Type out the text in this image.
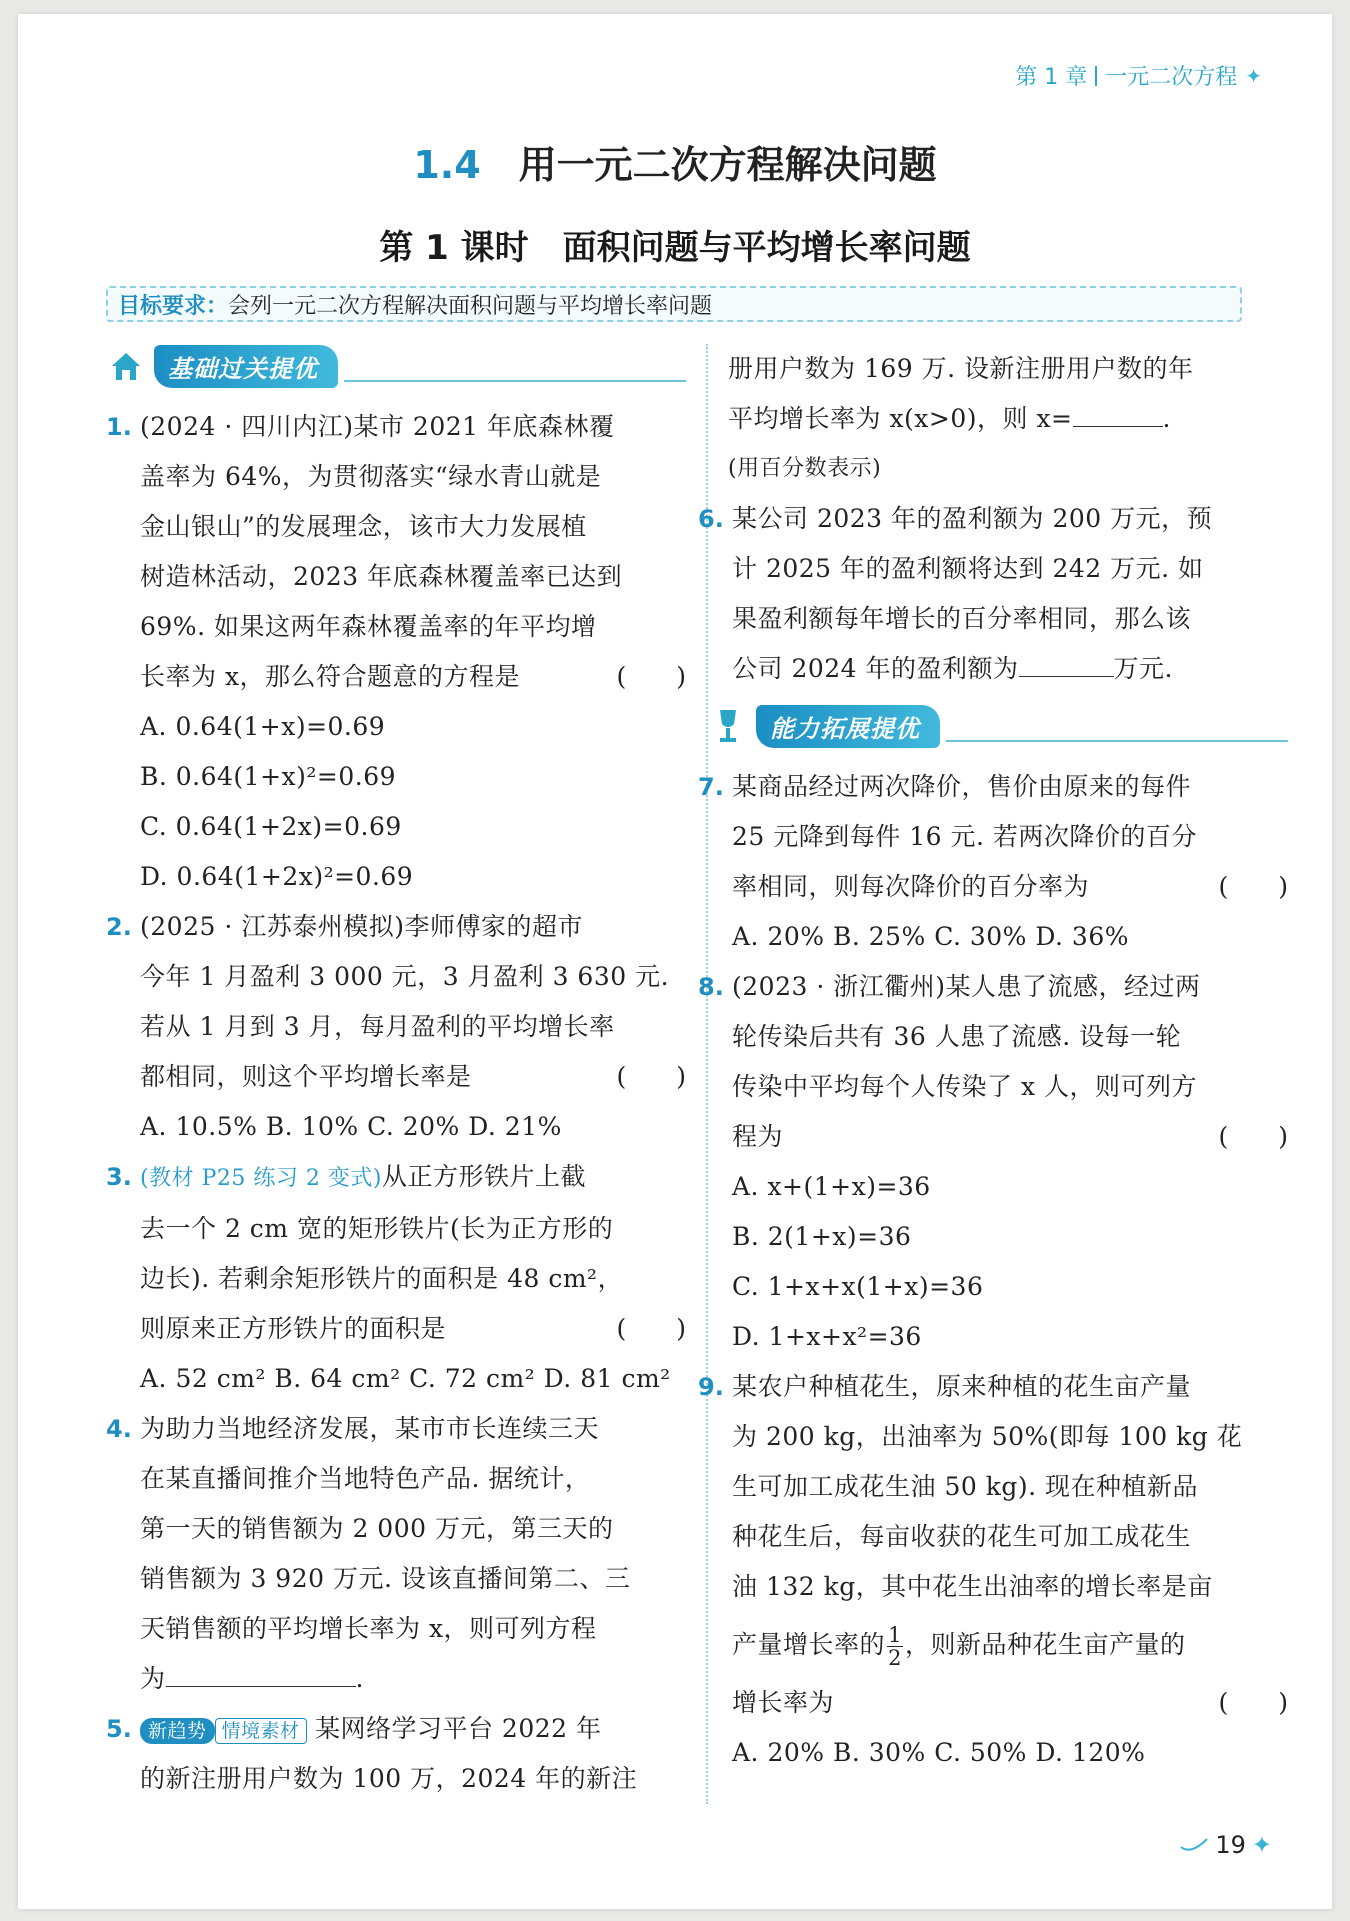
第 1 章 一元二次方程 ✦
1.4 用一元二次方程解决问题
第 1 课时　面积问题与平均增长率问题
目标要求： 会列一元二次方程解决面积问题与平均增长率问题
基础过关提优
1. (2024 · 四川内江)某市 2021 年底森林覆
盖率为 64%，为贯彻落实“绿水青山就是
金山银山”的发展理念，该市大力发展植
树造林活动，2023 年底森林覆盖率已达到
69%. 如果这两年森林覆盖率的年平均增
长率为 x，那么符合题意的方程是	(　　)
A. 0.64(1+x)=0.69
B. 0.64(1+x)²=0.69
C. 0.64(1+2x)=0.69
D. 0.64(1+2x)²=0.69
2. (2025 · 江苏泰州模拟)李师傅家的超市
今年 1 月盈利 3 000 元，3 月盈利 3 630 元.
若从 1 月到 3 月，每月盈利的平均增长率
都相同，则这个平均增长率是	(　　)
A. 10.5% B. 10% C. 20% D. 21%
3. (教材 P25 练习 2 变式)从正方形铁片上截
去一个 2 cm 宽的矩形铁片(长为正方形的
边长). 若剩余矩形铁片的面积是 48 cm²，
则原来正方形铁片的面积是	(　　)
A. 52 cm² B. 64 cm² C. 72 cm² D. 81 cm²
4. 为助力当地经济发展，某市市长连续三天
在某直播间推介当地特色产品. 据统计，
第一天的销售额为 2 000 万元，第三天的
销售额为 3 920 万元. 设该直播间第二、三
天销售额的平均增长率为 x，则可列方程
为	.
5. 新趋势 情境素材 某网络学习平台 2022 年
的新注册用户数为 100 万，2024 年的新注
册用户数为 169 万. 设新注册用户数的年
平均增长率为 x(x>0)，则 x=	.
(用百分数表示)
6. 某公司 2023 年的盈利额为 200 万元，预
计 2025 年的盈利额将达到 242 万元. 如
果盈利额每年增长的百分率相同，那么该
公司 2024 年的盈利额为	万元.
能力拓展提优
7. 某商品经过两次降价，售价由原来的每件
25 元降到每件 16 元. 若两次降价的百分
率相同，则每次降价的百分率为	(　　)
A. 20% B. 25% C. 30% D. 36%
8. (2023 · 浙江衢州)某人患了流感，经过两
轮传染后共有 36 人患了流感. 设每一轮
传染中平均每个人传染了 x 人，则可列方
程为	(　　)
A. x+(1+x)=36
B. 2(1+x)=36
C. 1+x+x(1+x)=36
D. 1+x+x²=36
9. 某农户种植花生，原来种植的花生亩产量
为 200 kg，出油率为 50%(即每 100 kg 花
生可加工成花生油 50 kg). 现在种植新品
种花生后，每亩收获的花生可加工成花生
油 132 kg，其中花生出油率的增长率是亩
产量增长率的 $\frac{1}{2}$ ，则新品种花生亩产量的
增长率为	(　　)
A. 20% B. 30% C. 50% D. 120%
19 ✦
